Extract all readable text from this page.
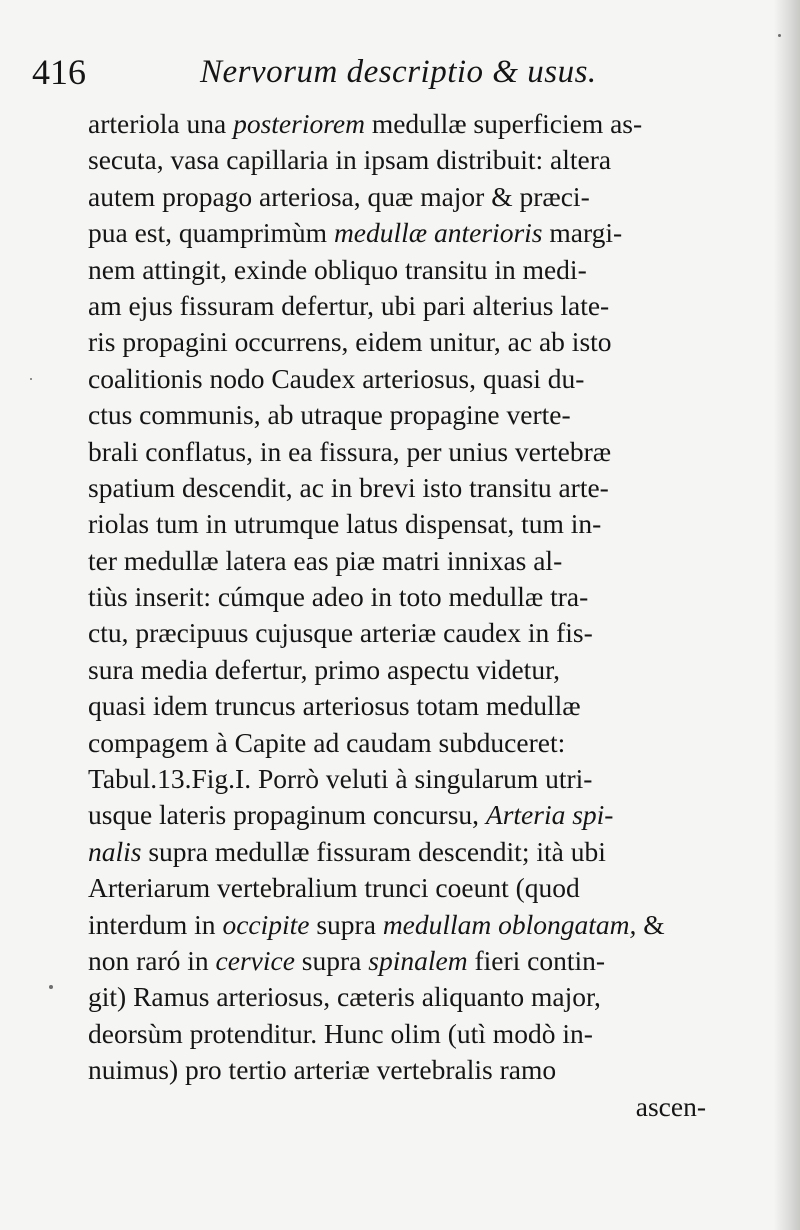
416	Nervorum descriptio & usus.
arteriola una posteriorem medullæ superficiem as-
secuta, vasa capillaria in ipsam distribuit: altera
autem propago arteriosa, quæ major & præci-
pua est, quamprimùm medullæ anterioris margi-
nem attingit, exinde obliquo transitu in medi-
am ejus fissuram defertur, ubi pari alterius late-
ris propagini occurrens, eidem unitur, ac ab isto
coalitionis nodo Caudex arteriosus, quasi du-
ctus communis, ab utraque propagine verte-
brali conflatus, in ea fissura, per unius vertebræ
spatium descendit, ac in brevi isto transitu arte-
riolas tum in utrumque latus dispensat, tum in-
ter medullæ latera eas piæ matri innixas al-
tiùs inserit: cúmque adeo in toto medullæ tra-
ctu, præcipuus cujusque arteriæ caudex in fis-
sura media defertur, primo aspectu videtur,
quasi idem truncus arteriosus totam medullæ
compagem à Capite ad caudam subduceret:
Tabul.13.Fig.I. Porrò veluti à singularum utri-
usque lateris propaginum concursu, Arteria spi-
nalis supra medullæ fissuram descendit; ità ubi
Arteriarum vertebralium trunci coeunt (quod
interdum in occipite supra medullam oblongatam, &
non raró in cervice supra spinalem fieri contin-
git) Ramus arteriosus, cæteris aliquanto major,
deorsùm protenditur. Hunc olim (utì modò in-
nuimus) pro tertio arteriæ vertebralis ramo
ascen-
